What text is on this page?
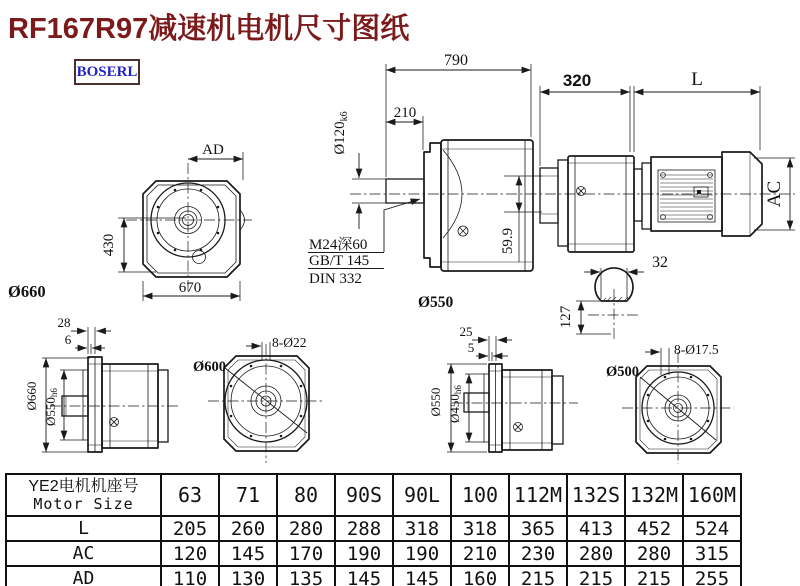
RF167R97减速机电机尺寸图纸
BOSERL
AD
430
670
Ø660
790
210
320	L
AC
$Ø120_{k6}$
M24深60
GB/T 145
DIN 332
59.9
Ø550
32
127
28
6
Ø660
Ø550h6
8-Ø22
Ø600
25
5
Ø550 Ø450h6
8-Ø17.5
Ø500
YE2电机机座号
Motor Size	63	71	80	90S	90L	100	112M	132S	132M	160M
L	205	260	280	288	318	318	365	413	452	524
AC	120	145	170	190	190	210	230	280	280	315
AD	110	130	135	145	145	160	215	215	215	255
